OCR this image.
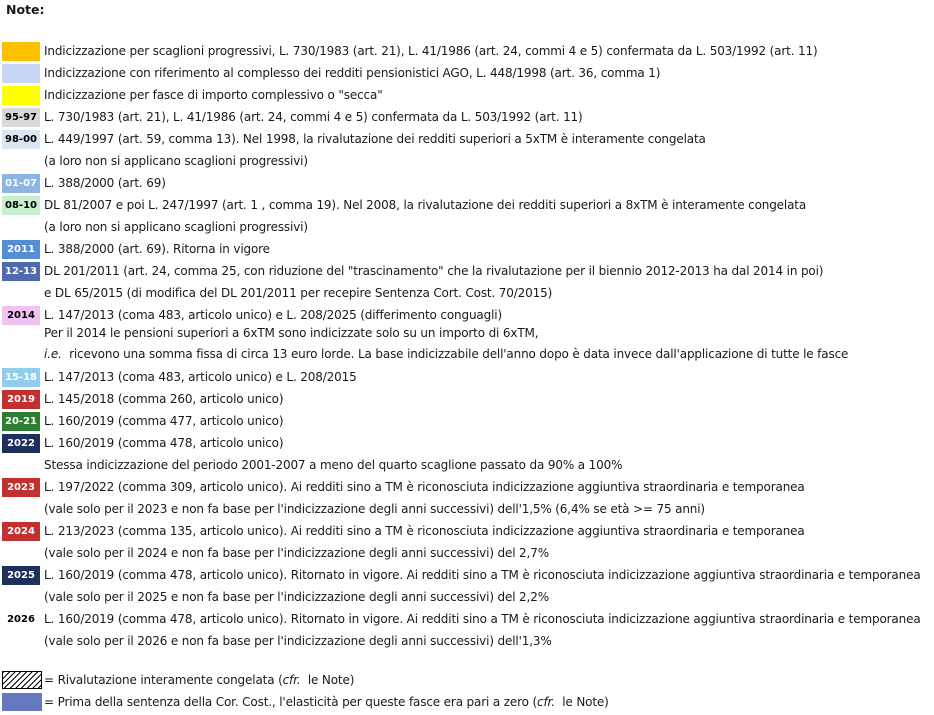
Note:
Indicizzazione per scaglioni progressivi, L. 730/1983 (art. 21), L. 41/1986 (art. 24, commi 4 e 5) confermata da L. 503/1992 (art. 11)
Indicizzazione con riferimento al complesso dei redditi pensionistici AGO, L. 448/1998 (art. 36, comma 1)
Indicizzazione per fasce di importo complessivo o "secca"
95-97 L. 730/1983 (art. 21), L. 41/1986 (art. 24, commi 4 e 5) confermata da L. 503/1992 (art. 11)
98-00 L. 449/1997 (art. 59, comma 13). Nel 1998, la rivalutazione dei redditi superiori a 5xTM è interamente congelata
(a loro non si applicano scaglioni progressivi)
01-07 L. 388/2000 (art. 69)
08-10 DL 81/2007 e poi L. 247/1997 (art. 1 , comma 19). Nel 2008, la rivalutazione dei redditi superiori a 8xTM è interamente congelata
(a loro non si applicano scaglioni progressivi)
2011 L. 388/2000 (art. 69). Ritorna in vigore
12-13 DL 201/2011 (art. 24, comma 25, con riduzione del "trascinamento" che la rivalutazione per il biennio 2012-2013 ha dal 2014 in poi)
e DL 65/2015 (di modifica del DL 201/2011 per recepire Sentenza Cort. Cost. 70/2015)
2014 L. 147/2013 (coma 483, articolo unico) e L. 208/2025 (differimento conguagli)
Per il 2014 le pensioni superiori a 6xTM sono indicizzate solo su un importo di 6xTM,
i.e. ricevono una somma fissa di circa 13 euro lorde. La base indicizzabile dell'anno dopo è data invece dall'applicazione di tutte le fasce
15-18 L. 147/2013 (coma 483, articolo unico) e L. 208/2015
2019 L. 145/2018 (comma 260, articolo unico)
20-21 L. 160/2019 (comma 477, articolo unico)
2022 L. 160/2019 (comma 478, articolo unico)
Stessa indicizzazione del periodo 2001-2007 a meno del quarto scaglione passato da 90% a 100%
2023 L. 197/2022 (comma 309, articolo unico). Ai redditi sino a TM è riconosciuta indicizzazione aggiuntiva straordinaria e temporanea
(vale solo per il 2023 e non fa base per l'indicizzazione degli anni successivi) dell'1,5% (6,4% se età >= 75 anni)
2024 L. 213/2023 (comma 135, articolo unico). Ai redditi sino a TM è riconosciuta indicizzazione aggiuntiva straordinaria e temporanea
(vale solo per il 2024 e non fa base per l'indicizzazione degli anni successivi) del 2,7%
2025 L. 160/2019 (comma 478, articolo unico). Ritornato in vigore. Ai redditi sino a TM è riconosciuta indicizzazione aggiuntiva straordinaria e temporanea
(vale solo per il 2025 e non fa base per l'indicizzazione degli anni successivi) del 2,2%
2026 L. 160/2019 (comma 478, articolo unico). Ritornato in vigore. Ai redditi sino a TM è riconosciuta indicizzazione aggiuntiva straordinaria e temporanea
(vale solo per il 2026 e non fa base per l'indicizzazione degli anni successivi) dell'1,3%
= Rivalutazione interamente congelata (cfr.  le Note)
= Prima della sentenza della Cor. Cost., l'elasticità per queste fasce era pari a zero (cfr.  le Note)
